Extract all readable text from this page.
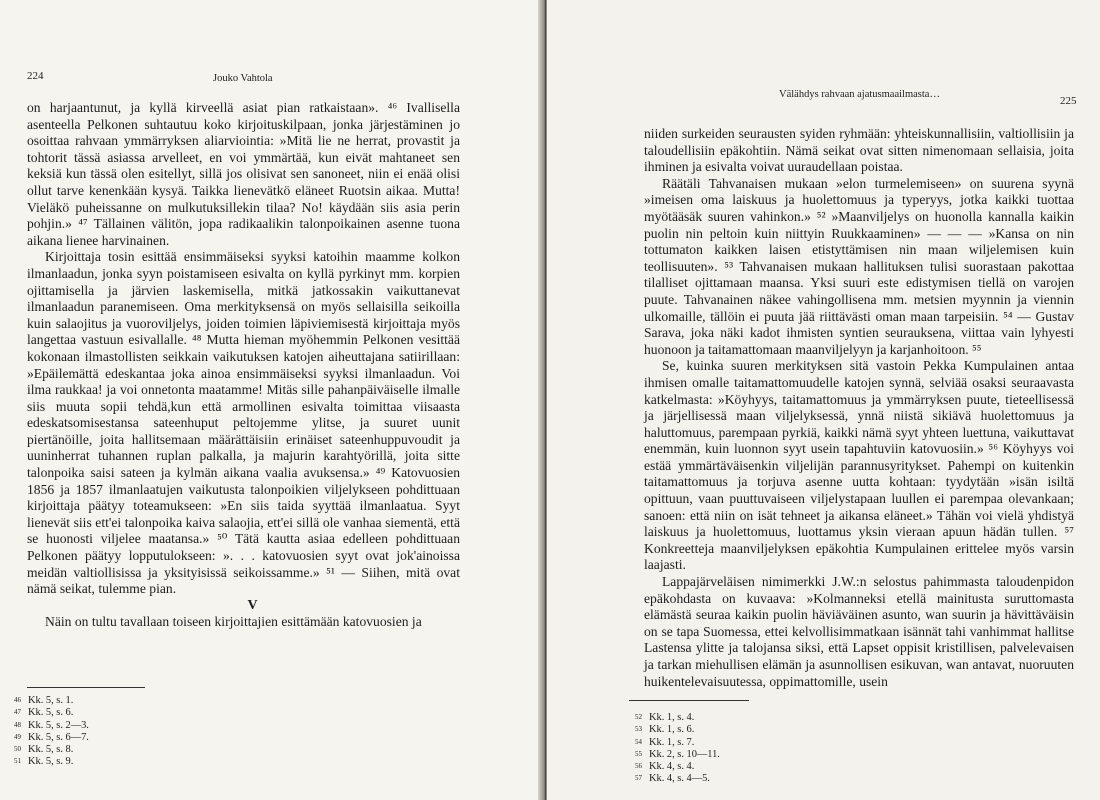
224	Jouko Vahtola

on harjaantunut, ja kyllä kirveellä asiat pian ratkaistaan». ⁴⁶ Ivallisella asenteella Pelkonen suhtautuu koko kirjoituskilpaan, jonka järjestäminen jo osoittaa rahvaan ymmärryksen aliarviointia: »Mitä lie ne herrat, provastit ja tohtorit tässä asiassa arvelleet, en voi ymmärtää, kun eivät mahtaneet sen keksiä kun tässä olen esitellyt, sillä jos olisivat sen sanoneet, niin ei enää olisi ollut tarve kenenkään kysyä. Taikka lienevätkö eläneet Ruotsin aikaa. Mutta! Vieläkö puheissanne on mulkutuksillekin tilaa? No! käydään siis asia perin pohjin.» ⁴⁷ Tällainen välitön, jopa radikaalikin talonpoikainen asenne tuona aikana lienee harvinainen.

Kirjoittaja tosin esittää ensimmäiseksi syyksi katoihin maamme kolkon ilmanlaadun, jonka syyn poistamiseen esivalta on kyllä pyrkinyt mm. korpien ojittamisella ja järvien laskemisella, mitkä jatkossakin vaikuttanevat ilmanlaadun paranemiseen. Oma merkityksensä on myös sellaisilla seikoilla kuin salaojitus ja vuoroviljelys, joiden toimien läpiviemisestä kirjoittaja myös langettaa vastuun esivallalle. ⁴⁸ Mutta hieman myöhemmin Pelkonen vesittää kokonaan ilmastollisten seikkain vaikutuksen katojen aiheuttajana satiirillaan: »Epäilemättä edeskantaa joka ainoa ensimmäiseksi syyksi ilmanlaadun. Voi ilma raukkaa! ja voi onnetonta maatamme! Mitäs sille pahanpäiväiselle ilmalle siis muuta sopii tehdä,kun että armollinen esivalta toimittaa viisaasta edeskatsomisestansa sateenhuput peltojemme ylitse, ja suuret uunit piertänöille, joita hallitsemaan määrättäisiin erinäiset sateenhuppuvoudit ja uuninherrat tuhannen ruplan palkalla, ja majurin karahtyörillä, joita sitte talonpoika saisi sateen ja kylmän aikana vaalia avuksensa.» ⁴⁹ Katovuosien 1856 ja 1857 ilmanlaatujen vaikutusta talonpoikien viljelykseen pohdittuaan kirjoittaja päätyy toteamukseen: »En siis taida syyttää ilmanlaatua. Syyt lienevät siis ett'ei talonpoika kaiva salaojia, ett'ei sillä ole vanhaa siementä, että se huonosti viljelee maatansa.» ⁵⁰ Tätä kautta asiaa edelleen pohdittuaan Pelkonen päätyy lopputulokseen: ». . . katovuosien syyt ovat jok'ainoissa meidän valtiollisissa ja yksityisissä seikoissamme.» ⁵¹ — Siihen, mitä ovat nämä seikat, tulemme pian.

V

Näin on tultu tavallaan toiseen kirjoittajien esittämään katovuosien ja

$^{46}$ Kk. 5, s. 1.
$^{47}$ Kk. 5, s. 6.
$^{48}$ Kk. 5, s. 2—3.
$^{49}$ Kk. 5, s. 6—7.
$^{50}$ Kk. 5, s. 8.
$^{51}$ Kk. 5, s. 9.
Välähdys rahvaan ajatusmaailmasta…
225

niiden surkeiden seurausten syiden ryhmään: yhteiskunnallisiin, valtiollisiin ja taloudellisiin epäkohtiin. Nämä seikat ovat sitten nimenomaan sellaisia, joita ihminen ja esivalta voivat uuraudellaan poistaa.

Räätäli Tahvanaisen mukaan »elon turmelemiseen» on suurena syynä »imeisen oma laiskuus ja huolettomuus ja typeryys, jotka kaikki tuottaa myötääsäk suuren vahinkon.» ⁵² »Maanviljelys on huonolla kannalla kaikin puolin nin peltoin kuin niittyin Ruukkaaminen» — — — »Kansa on nin tottumaton kaikken laisen etistyttämisen nin maan wiljelemisen kuin teollisuuten». ⁵³ Tahvanaisen mukaan hallituksen tulisi suorastaan pakottaa tilalliset ojittamaan maansa. Yksi suuri este edistymisen tiellä on varojen puute. Tahvanainen näkee vahingollisena mm. metsien myynnin ja viennin ulkomaille, tällöin ei puuta jää riittävästi oman maan tarpeisiin. ⁵⁴ — Gustav Sarava, joka näki kadot ihmisten syntien seurauksena, viittaa vain lyhyesti huonoon ja taitamattomaan maanviljelyyn ja karjanhoitoon. ⁵⁵

Se, kuinka suuren merkityksen sitä vastoin Pekka Kumpulainen antaa ihmisen omalle taitamattomuudelle katojen synnä, selviää osaksi seuraavasta katkelmasta: »Köyhyys, taitamattomuus ja ymmärryksen puute, tieteellisessä ja järjellisessä maan viljelyksessä, ynnä niistä sikiävä huolettomuus ja haluttomuus, parempaan pyrkiä, kaikki nämä syyt yhteen luettuna, vaikuttavat enemmän, kuin luonnon syyt usein tapahtuviin katovuosiin.» ⁵⁶ Köyhyys voi estää ymmärtäväisenkin viljelijän parannusyritykset. Pahempi on kuitenkin taitamattomuus ja torjuva asenne uutta kohtaan: tyydytään »isän isiltä opittuun, vaan puuttuvaiseen viljelystapaan luullen ei parempaa olevankaan; sanoen: että niin on isät tehneet ja aikansa eläneet.» Tähän voi vielä yhdistyä laiskuus ja huolettomuus, luottamus yksin vieraan apuun hädän tullen. ⁵⁷ Konkreetteja maanviljelyksen epäkohtia Kumpulainen erittelee myös varsin laajasti.

Lappajärveläisen nimimerkki J.W.:n selostus pahimmasta taloudenpidon epäkohdasta on kuvaava: »Kolmanneksi etellä mainitusta suruttomasta elämästä seuraa kaikin puolin häviäväinen asunto, wan suurin ja hävittäväisin on se tapa Suomessa, ettei kelvollisimmatkaan isännät tahi vanhimmat hallitse Lastensa ylitte ja talojansa siksi, että Lapset oppisit kristillisen, palvelevaisen ja tarkan miehullisen elämän ja asunnollisen esikuvan, wan antavat, nuoruuten huikentelevaisuutessa, oppimattomille, usein

$^{52}$ Kk. 1, s. 4.
$^{53}$ Kk. 1, s. 6.
$^{54}$ Kk. 1, s. 7.
$^{55}$ Kk. 2, s. 10—11.
$^{56}$ Kk. 4, s. 4.
$^{57}$ Kk. 4, s. 4—5.
